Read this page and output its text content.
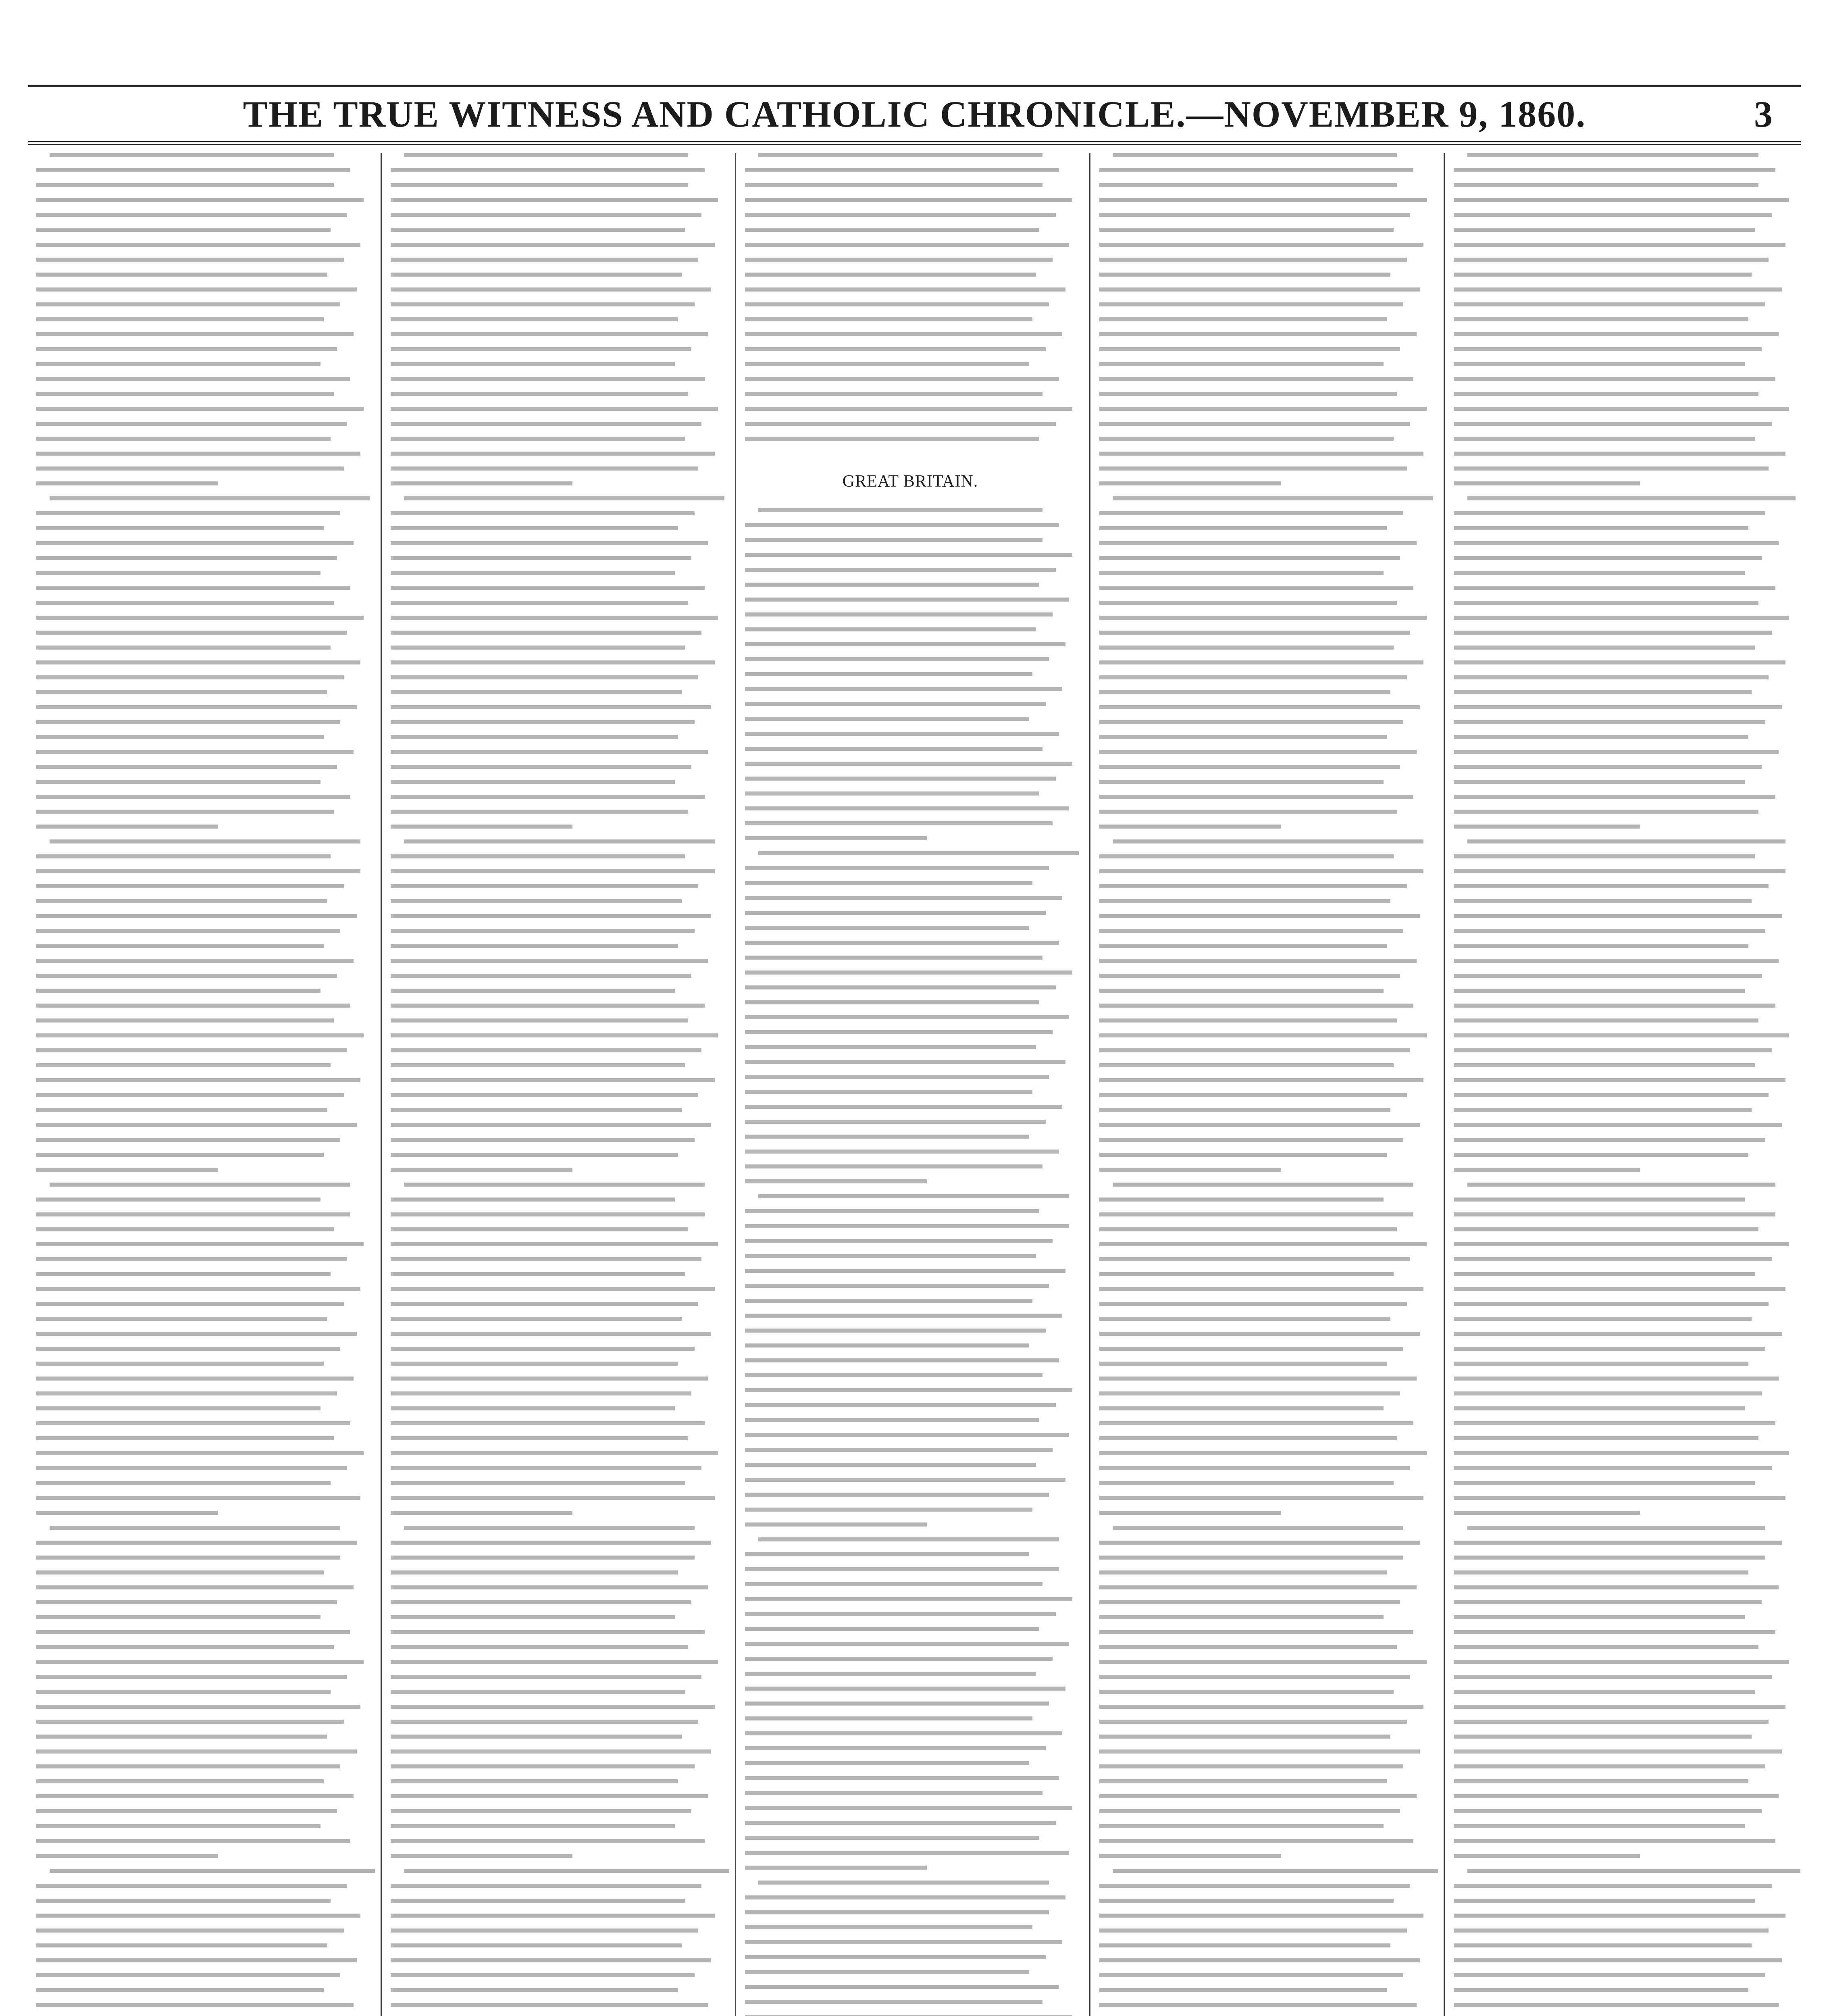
THE TRUE WITNESS AND CATHOLIC CHRONICLE.—NOVEMBER 9, 1860.	3
GREAT BRITAIN.
